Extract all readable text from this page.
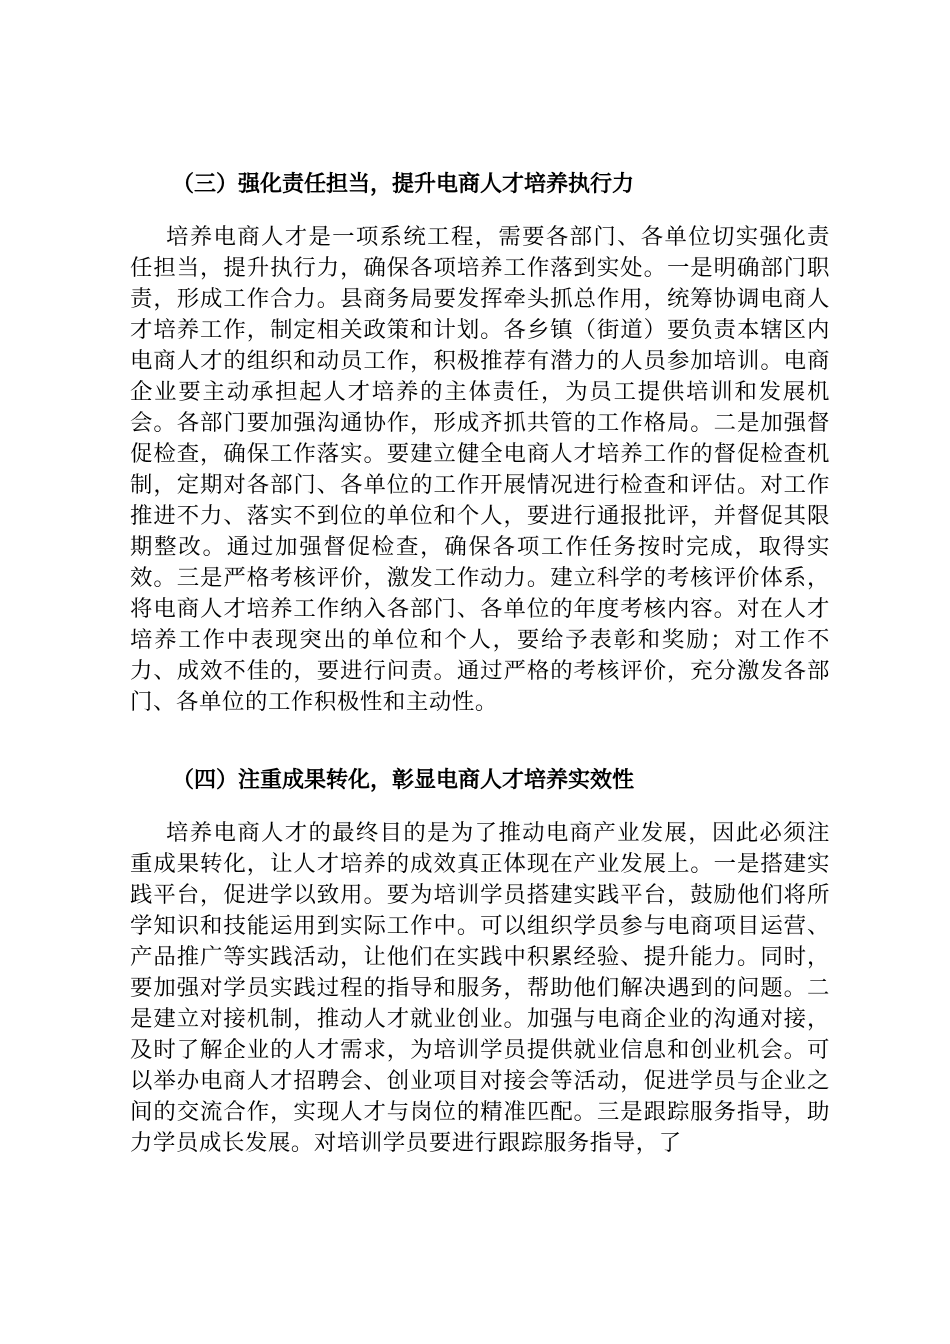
（三）强化责任担当，提升电商人才培养执行力

培养电商人才是一项系统工程，需要各部门、各单位切实强化责任担当，提升执行力，确保各项培养工作落到实处。一是明确部门职责，形成工作合力。县商务局要发挥牵头抓总作用，统筹协调电商人才培养工作，制定相关政策和计划。各乡镇（街道）要负责本辖区内电商人才的组织和动员工作，积极推荐有潜力的人员参加培训。电商企业要主动承担起人才培养的主体责任，为员工提供培训和发展机会。各部门要加强沟通协作，形成齐抓共管的工作格局。二是加强督促检查，确保工作落实。要建立健全电商人才培养工作的督促检查机制，定期对各部门、各单位的工作开展情况进行检查和评估。对工作推进不力、落实不到位的单位和个人，要进行通报批评，并督促其限期整改。通过加强督促检查，确保各项工作任务按时完成，取得实效。三是严格考核评价，激发工作动力。建立科学的考核评价体系，将电商人才培养工作纳入各部门、各单位的年度考核内容。对在人才培养工作中表现突出的单位和个人，要给予表彰和奖励；对工作不力、成效不佳的，要进行问责。通过严格的考核评价，充分激发各部门、各单位的工作积极性和主动性。

（四）注重成果转化，彰显电商人才培养实效性

培养电商人才的最终目的是为了推动电商产业发展，因此必须注重成果转化，让人才培养的成效真正体现在产业发展上。一是搭建实践平台，促进学以致用。要为培训学员搭建实践平台，鼓励他们将所学知识和技能运用到实际工作中。可以组织学员参与电商项目运营、产品推广等实践活动，让他们在实践中积累经验、提升能力。同时，要加强对学员实践过程的指导和服务，帮助他们解决遇到的问题。二是建立对接机制，推动人才就业创业。加强与电商企业的沟通对接，及时了解企业的人才需求，为培训学员提供就业信息和创业机会。可以举办电商人才招聘会、创业项目对接会等活动，促进学员与企业之间的交流合作，实现人才与岗位的精准匹配。三是跟踪服务指导，助力学员成长发展。对培训学员要进行跟踪服务指导，了
